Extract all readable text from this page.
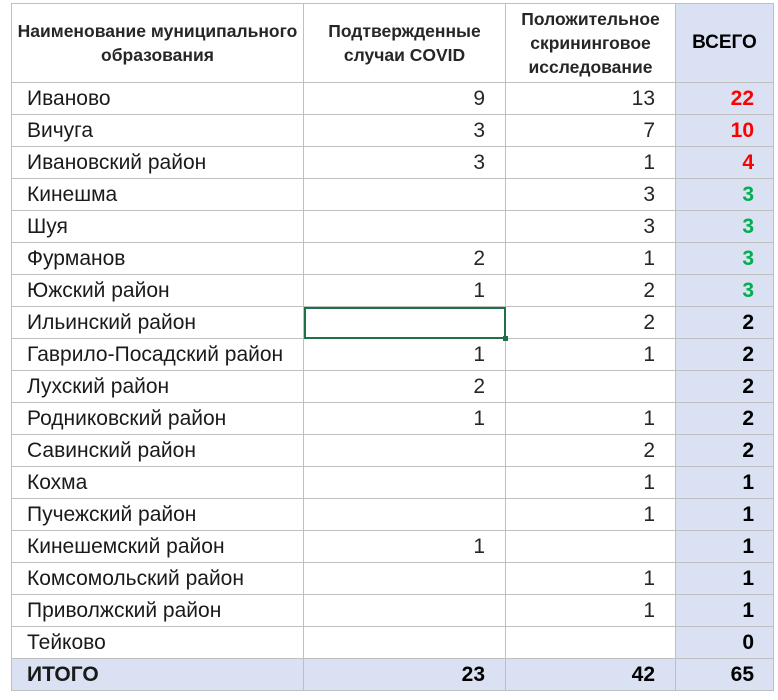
Наименование муниципального образования	Подтвержденные случаи COVID	Положительное скрининговое исследование	ВСЕГО
Иваново	9	13	22
Вичуга	3	7	10
Ивановский район	3	1	4
Кинешма		3	3
Шуя		3	3
Фурманов	2	1	3
Южский район	1	2	3
Ильинский район		2	2
Гаврило-Посадский район	1	1	2
Лухский район	2		2
Родниковский район	1	1	2
Савинский район		2	2
Кохма		1	1
Пучежский район		1	1
Кинешемский район	1		1
Комсомольский район		1	1
Приволжский район		1	1
Тейково			0
ИТОГО	23	42	65
